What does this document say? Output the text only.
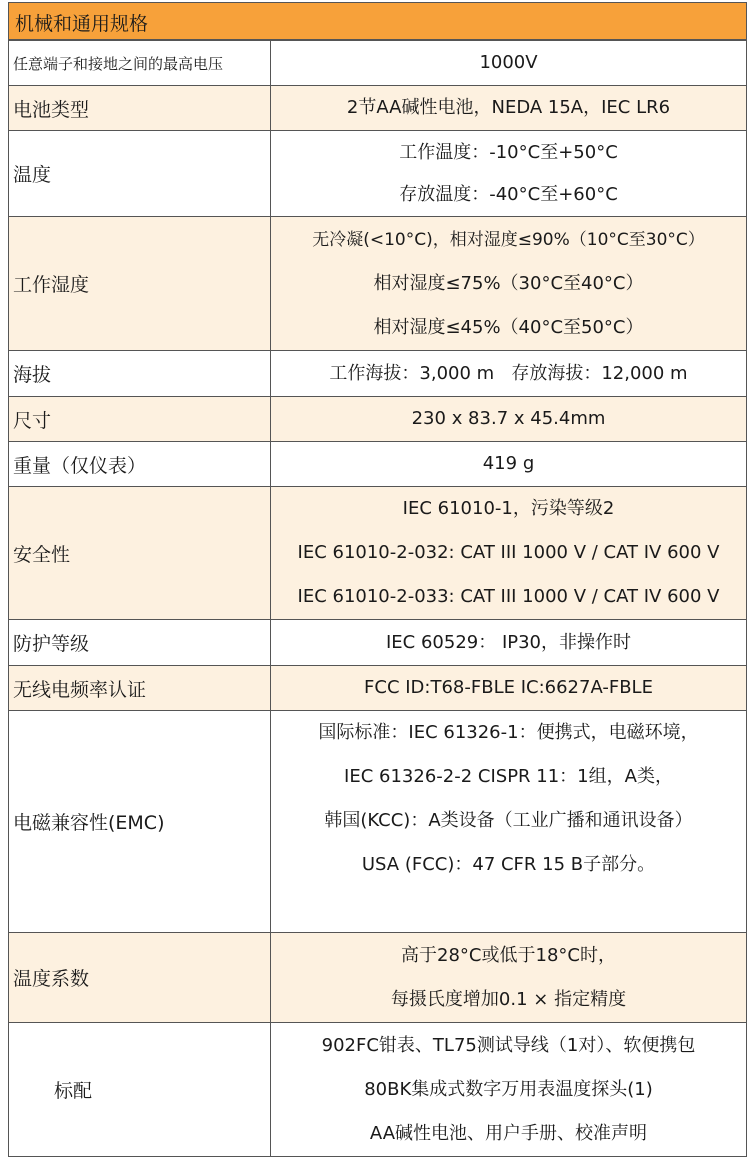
机械和通用规格
任意端子和接地之间的最高电压	1000V

电池类型	2节AA碱性电池，NEDA 15A，IEC LR6

温度	工作温度：-10°C至+50°C
存放温度：-40°C至+60°C

工作湿度	无冷凝(<10°C)，相对湿度≤90%（10°C至30°C）
相对湿度≤75%（30°C至40°C）
相对湿度≤45%（40°C至50°C）

海拔	工作海拔：3,000 m   存放海拔：12,000 m

尺寸	230 x 83.7 x 45.4mm

重量（仅仪表）	419 g

安全性	IEC 61010-1，污染等级2
IEC 61010-2-032: CAT III 1000 V / CAT IV 600 V
IEC 61010-2-033: CAT III 1000 V / CAT IV 600 V

防护等级	IEC 60529： IP30，非操作时

无线电频率认证	FCC ID:T68-FBLE IC:6627A-FBLE

电磁兼容性(EMC)	国际标准：IEC 61326-1：便携式，电磁环境，
IEC 61326-2-2 CISPR 11：1组，A类，
韩国(KCC)：A类设备（工业广播和通讯设备）
USA (FCC)：47 CFR 15 B子部分。

温度系数	高于28°C或低于18°C时，
每摄氏度增加0.1 × 指定精度

标配	902FC钳表、TL75测试导线（1对）、软便携包
80BK集成式数字万用表温度探头(1)
AA碱性电池、用户手册、校准声明
